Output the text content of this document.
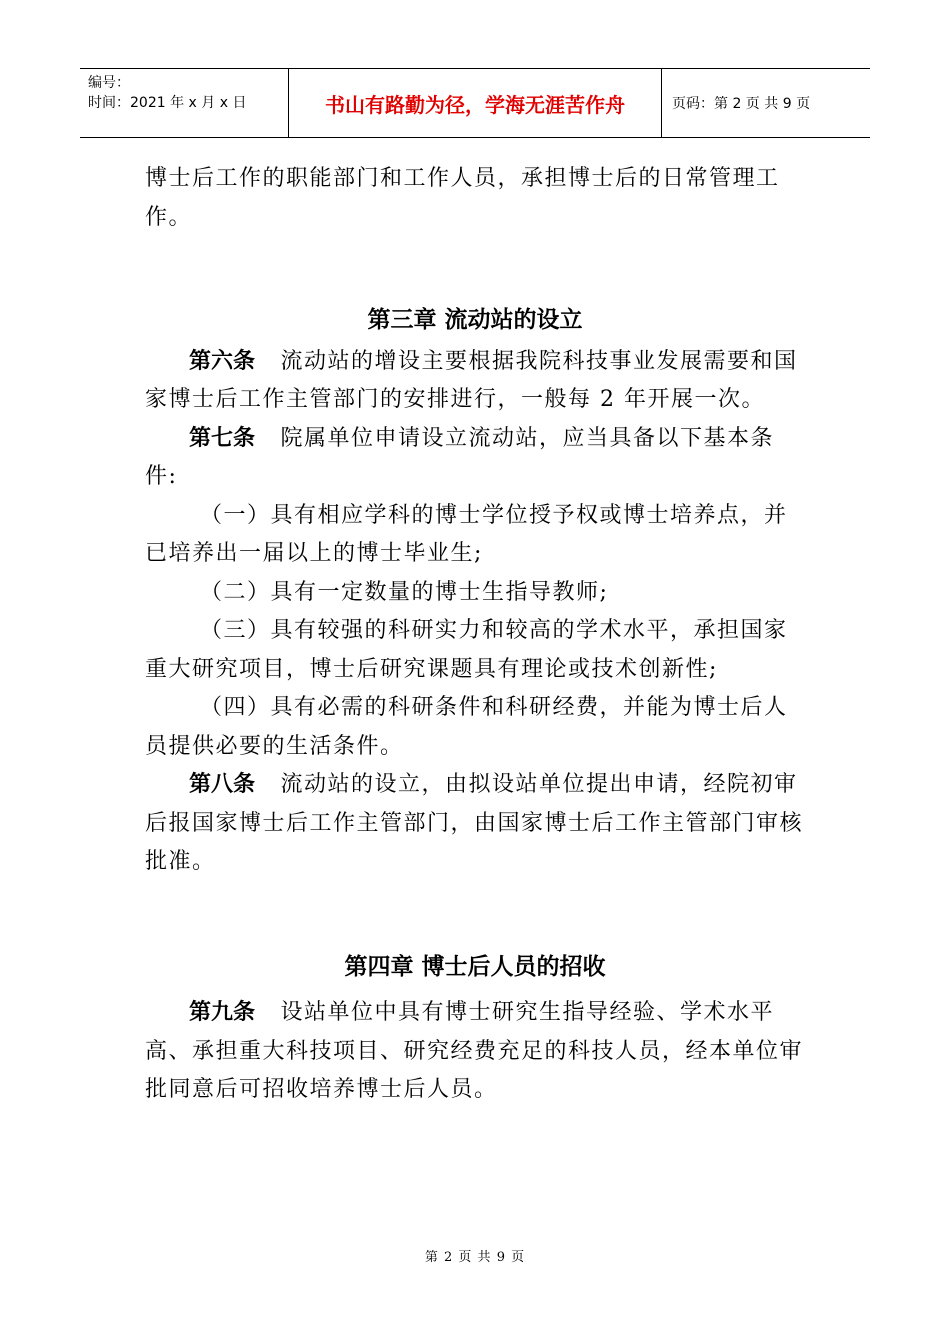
编号：
时间：2021 年 x 月 x 日	书山有路勤为径，学海无涯苦作舟	页码：第 2 页 共 9 页

博士后工作的职能部门和工作人员，承担博士后的日常管理工作。

第三章 流动站的设立

第六条 流动站的增设主要根据我院科技事业发展需要和国家博士后工作主管部门的安排进行，一般每 2 年开展一次。

第七条 院属单位申请设立流动站，应当具备以下基本条件:

（一）具有相应学科的博士学位授予权或博士培养点，并已培养出一届以上的博士毕业生;

（二）具有一定数量的博士生指导教师;

（三）具有较强的科研实力和较高的学术水平，承担国家重大研究项目，博士后研究课题具有理论或技术创新性;

（四）具有必需的科研条件和科研经费，并能为博士后人员提供必要的生活条件。

第八条 流动站的设立，由拟设站单位提出申请，经院初审后报国家博士后工作主管部门，由国家博士后工作主管部门审核批准。

第四章 博士后人员的招收

第九条 设站单位中具有博士研究生指导经验、学术水平高、承担重大科技项目、研究经费充足的科技人员，经本单位审批同意后可招收培养博士后人员。

第 2 页 共 9 页
